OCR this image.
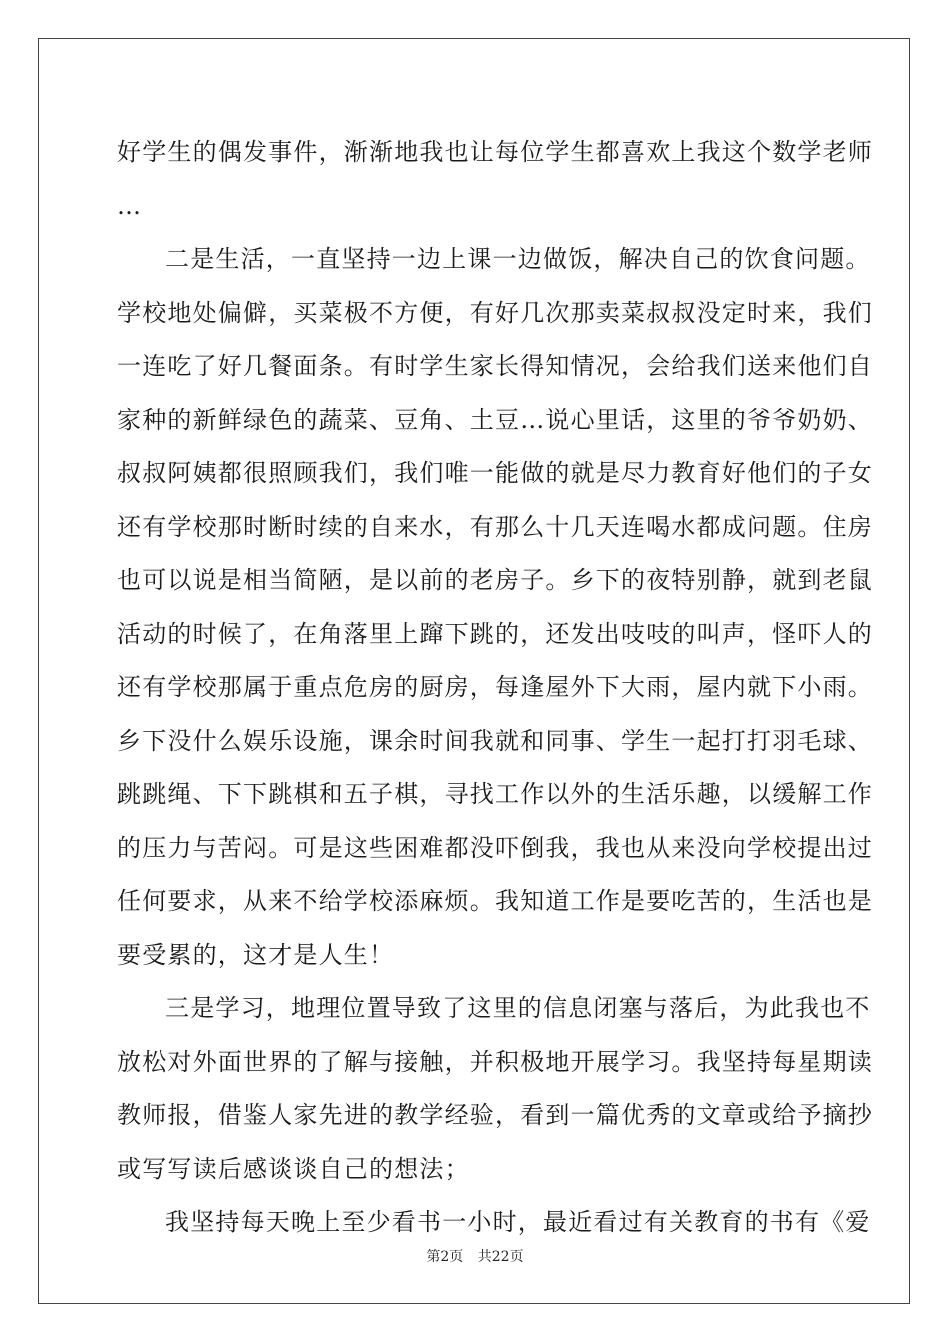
好学生的偶发事件，渐渐地我也让每位学生都喜欢上我这个数学老师
…
二是生活，一直坚持一边上课一边做饭，解决自己的饮食问题。
学校地处偏僻，买菜极不方便，有好几次那卖菜叔叔没定时来，我们
一连吃了好几餐面条。有时学生家长得知情况，会给我们送来他们自
家种的新鲜绿色的蔬菜、豆角、土豆…说心里话，这里的爷爷奶奶、
叔叔阿姨都很照顾我们，我们唯一能做的就是尽力教育好他们的子女
还有学校那时断时续的自来水，有那么十几天连喝水都成问题。住房
也可以说是相当简陋，是以前的老房子。乡下的夜特别静，就到老鼠
活动的时候了，在角落里上蹿下跳的，还发出吱吱的叫声，怪吓人的
还有学校那属于重点危房的厨房，每逢屋外下大雨，屋内就下小雨。
乡下没什么娱乐设施，课余时间我就和同事、学生一起打打羽毛球、
跳跳绳、下下跳棋和五子棋，寻找工作以外的生活乐趣，以缓解工作
的压力与苦闷。可是这些困难都没吓倒我，我也从来没向学校提出过
任何要求，从来不给学校添麻烦。我知道工作是要吃苦的，生活也是
要受累的，这才是人生！
三是学习，地理位置导致了这里的信息闭塞与落后，为此我也不
放松对外面世界的了解与接触，并积极地开展学习。我坚持每星期读
教师报，借鉴人家先进的教学经验，看到一篇优秀的文章或给予摘抄
或写写读后感谈谈自己的想法；
我坚持每天晚上至少看书一小时，最近看过有关教育的书有《爱
第2页 共22页
